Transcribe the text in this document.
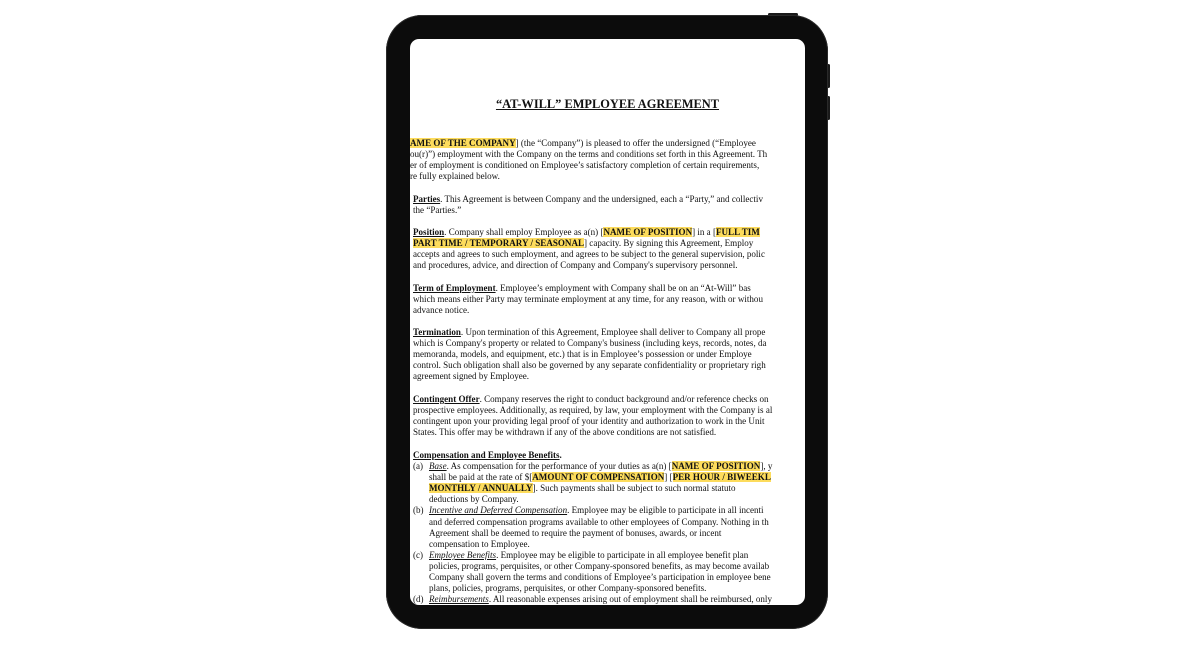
“AT-WILL” EMPLOYEE AGREEMENT
AME OF THE COMPANY] (the “Company”) is pleased to offer the undersigned (“Employee
ou(r)”) employment with the Company on the terms and conditions set forth in this Agreement. Th
er of employment is conditioned on Employee’s satisfactory completion of certain requirements,
re fully explained below.
Parties. This Agreement is between Company and the undersigned, each a “Party,” and collectiv
the “Parties.”
Position. Company shall employ Employee as a(n) [NAME OF POSITION] in a [FULL TIM
PART TIME / TEMPORARY / SEASONAL] capacity. By signing this Agreement, Employ
accepts and agrees to such employment, and agrees to be subject to the general supervision, polic
and procedures, advice, and direction of Company and Company's supervisory personnel.
Term of Employment. Employee’s employment with Company shall be on an “At-Will” bas
which means either Party may terminate employment at any time, for any reason, with or withou
advance notice.
Termination. Upon termination of this Agreement, Employee shall deliver to Company all prope
which is Company's property or related to Company's business (including keys, records, notes, da
memoranda, models, and equipment, etc.) that is in Employee’s possession or under Employe
control. Such obligation shall also be governed by any separate confidentiality or proprietary righ
agreement signed by Employee.
Contingent Offer. Company reserves the right to conduct background and/or reference checks on
prospective employees. Additionally, as required, by law, your employment with the Company is al
contingent upon your providing legal proof of your identity and authorization to work in the Unit
States. This offer may be withdrawn if any of the above conditions are not satisfied.
Compensation and Employee Benefits.
(a) Base. As compensation for the performance of your duties as a(n) [NAME OF POSITION], y
shall be paid at the rate of $[AMOUNT OF COMPENSATION] [PER HOUR / BIWEEKL
MONTHLY / ANNUALLY]. Such payments shall be subject to such normal statuto
deductions by Company.
(b) Incentive and Deferred Compensation. Employee may be eligible to participate in all incenti
and deferred compensation programs available to other employees of Company. Nothing in th
Agreement shall be deemed to require the payment of bonuses, awards, or incent
compensation to Employee.
(c) Employee Benefits. Employee may be eligible to participate in all employee benefit plan
policies, programs, perquisites, or other Company-sponsored benefits, as may become availab
Company shall govern the terms and conditions of Employee’s participation in employee bene
plans, policies, programs, perquisites, or other Company-sponsored benefits.
(d) Reimbursements. All reasonable expenses arising out of employment shall be reimbursed, only
